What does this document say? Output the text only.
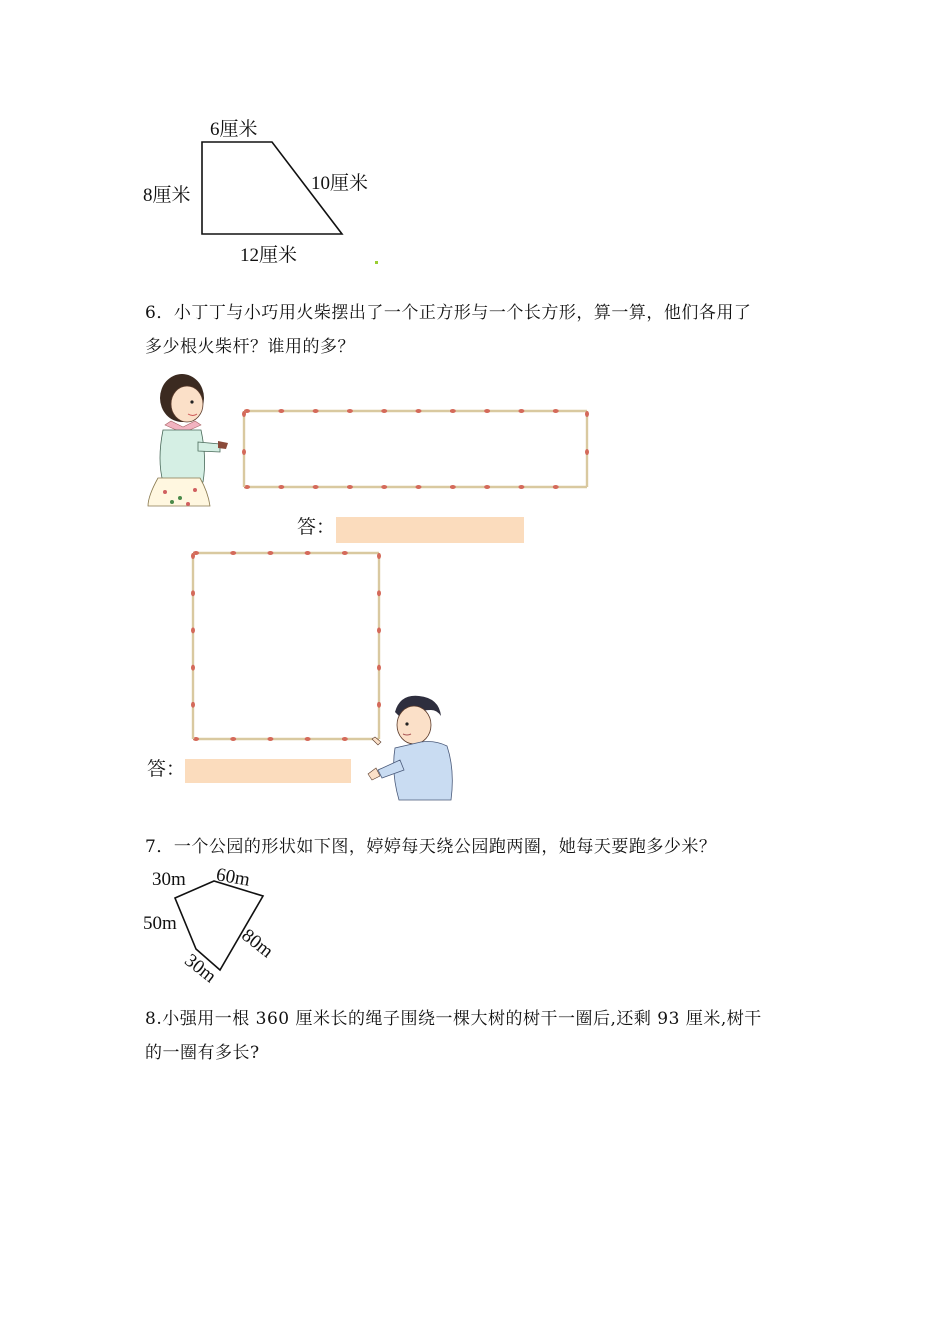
6厘米
8厘米
10厘米
12厘米
6．小丁丁与小巧用火柴摆出了一个正方形与一个长方形，算一算，他们各用了
多少根火柴杆？谁用的多？
答：
答：
7．一个公园的形状如下图，婷婷每天绕公园跑两圈，她每天要跑多少米？
30m 60m
50m
80m
30m
8.小强用一根 360 厘米长的绳子围绕一棵大树的树干一圈后,还剩 93 厘米,树干
的一圈有多长?
